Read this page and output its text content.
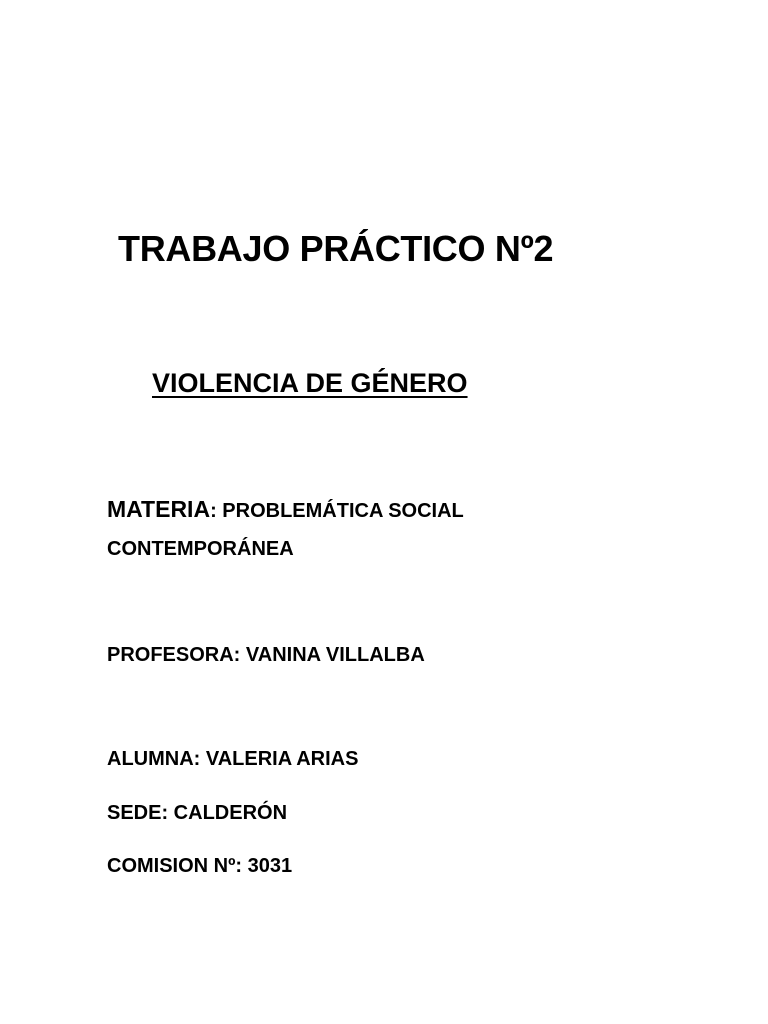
TRABAJO PRÁCTICO Nº2
VIOLENCIA DE GÉNERO

MATERIA: PROBLEMÁTICA SOCIAL

CONTEMPORÁNEA

PROFESORA: VANINA VILLALBA

ALUMNA: VALERIA ARIAS

SEDE: CALDERÓN

COMISION Nº: 3031
